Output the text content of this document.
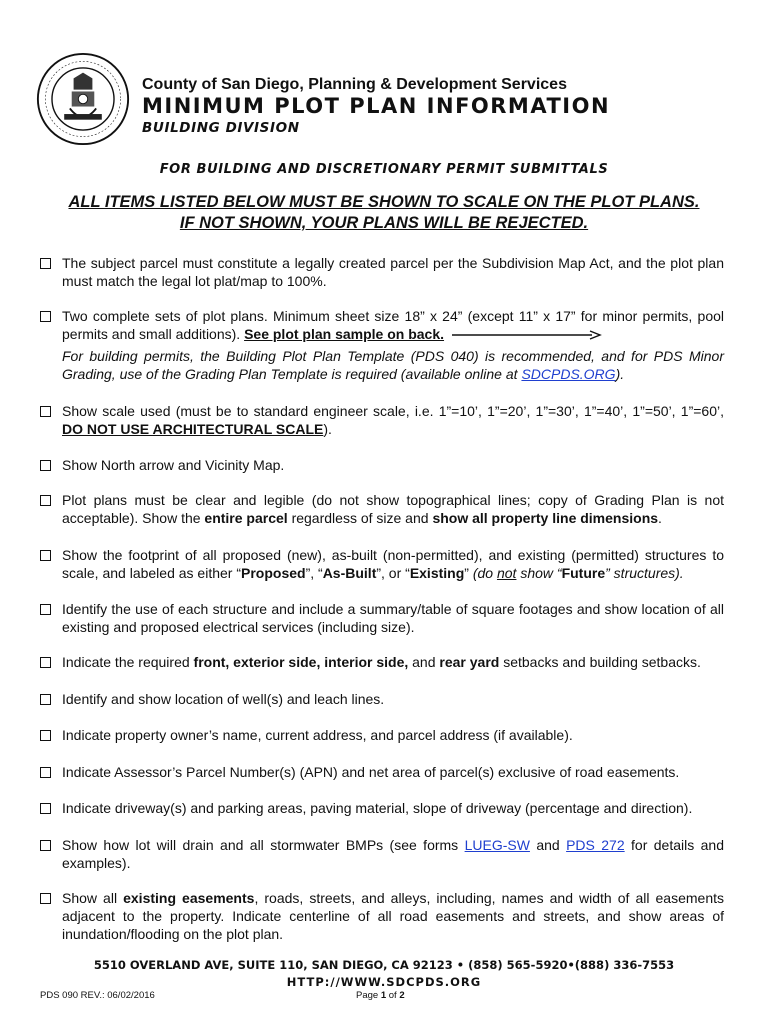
County of San Diego, Planning & Development Services
MINIMUM PLOT PLAN INFORMATION
BUILDING DIVISION
FOR BUILDING AND DISCRETIONARY PERMIT SUBMITTALS
ALL ITEMS LISTED BELOW MUST BE SHOWN TO SCALE ON THE PLOT PLANS.
IF NOT SHOWN, YOUR PLANS WILL BE REJECTED.
The subject parcel must constitute a legally created parcel per the Subdivision Map Act, and the plot plan must match the legal lot plat/map to 100%.
Two complete sets of plot plans. Minimum sheet size 18” x 24” (except 11” x 17” for minor permits, pool permits and small additions). See plot plan sample on back.
For building permits, the Building Plot Plan Template (PDS 040) is recommended, and for PDS Minor Grading, use of the Grading Plan Template is required (available online at SDCPDS.ORG).
Show scale used (must be to standard engineer scale, i.e. 1”=10’, 1”=20’, 1”=30’, 1”=40’, 1”=50’, 1”=60’, DO NOT USE ARCHITECTURAL SCALE).
Show North arrow and Vicinity Map.
Plot plans must be clear and legible (do not show topographical lines; copy of Grading Plan is not acceptable). Show the entire parcel regardless of size and show all property line dimensions.
Show the footprint of all proposed (new), as-built (non-permitted), and existing (permitted) structures to scale, and labeled as either “Proposed”, “As-Built”, or “Existing” (do not show “Future” structures).
Identify the use of each structure and include a summary/table of square footages and show location of all existing and proposed electrical services (including size).
Indicate the required front, exterior side, interior side, and rear yard setbacks and building setbacks.
Identify and show location of well(s) and leach lines.
Indicate property owner’s name, current address, and parcel address (if available).
Indicate Assessor’s Parcel Number(s) (APN) and net area of parcel(s) exclusive of road easements.
Indicate driveway(s) and parking areas, paving material, slope of driveway (percentage and direction).
Show how lot will drain and all stormwater BMPs (see forms LUEG-SW and PDS 272 for details and examples).
Show all existing easements, roads, streets, and alleys, including, names and width of all easements adjacent to the property. Indicate centerline of all road easements and streets, and show areas of inundation/flooding on the plot plan.
5510 OVERLAND AVE, SUITE 110, SAN DIEGO, CA 92123 • (858) 565-5920•(888) 336-7553
HTTP://WWW.SDCPDS.ORG
PDS 090 REV.: 06/02/2016	Page 1 of 2
